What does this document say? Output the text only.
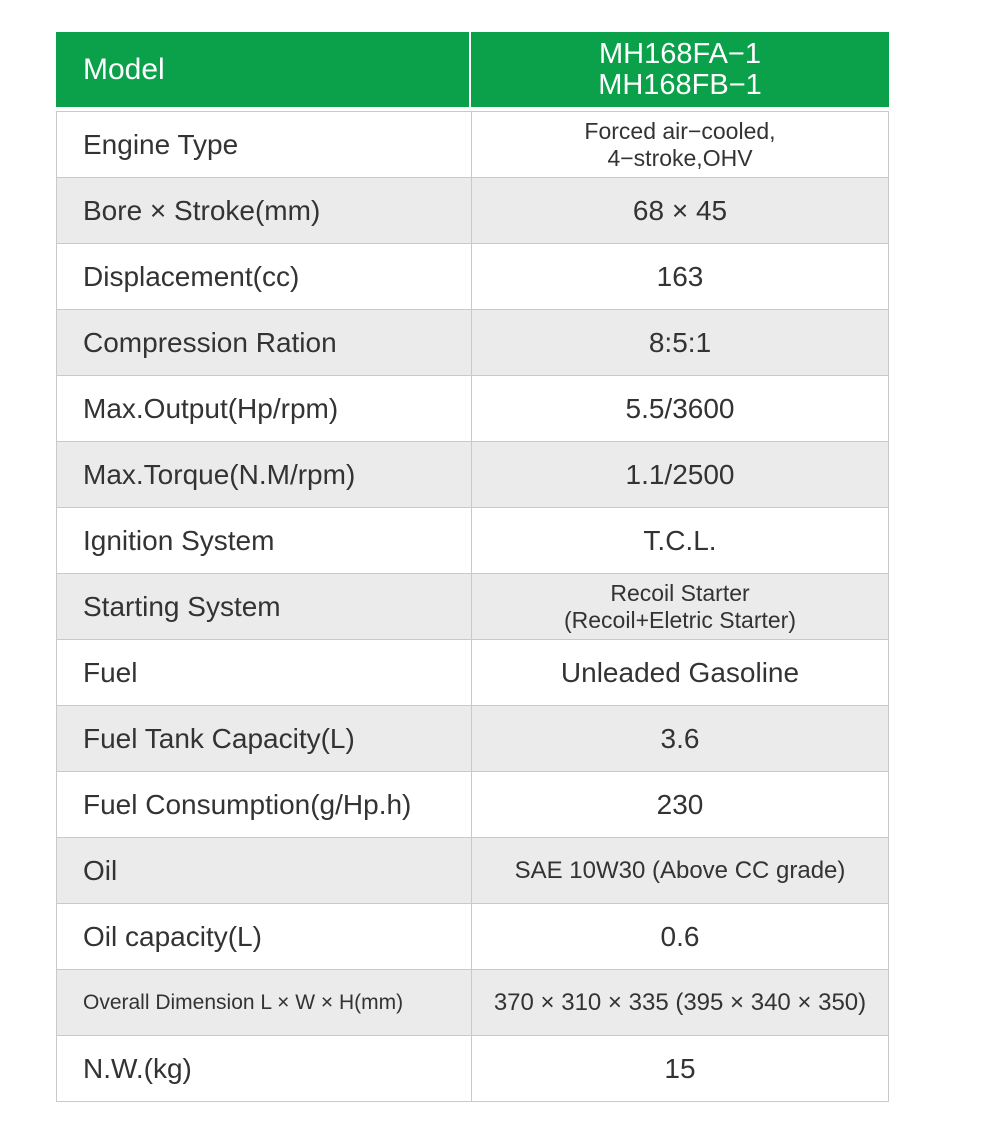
Model	MH168FA−1
MH168FB−1
Engine Type	Forced air−cooled,
4−stroke,OHV
Bore × Stroke(mm)	68 × 45
Displacement(cc)	163
Compression Ration	8:5:1
Max.Output(Hp/rpm)	5.5/3600
Max.Torque(N.M/rpm)	1.1/2500
Ignition System	T.C.L.
Starting System	Recoil Starter
(Recoil+Eletric Starter)
Fuel	Unleaded Gasoline
Fuel Tank Capacity(L)	3.6
Fuel Consumption(g/Hp.h)	230
Oil	SAE 10W30 (Above CC grade)
Oil capacity(L)	0.6
Overall Dimension L × W × H(mm)	370 × 310 × 335 (395 × 340 × 350)
N.W.(kg)	15
